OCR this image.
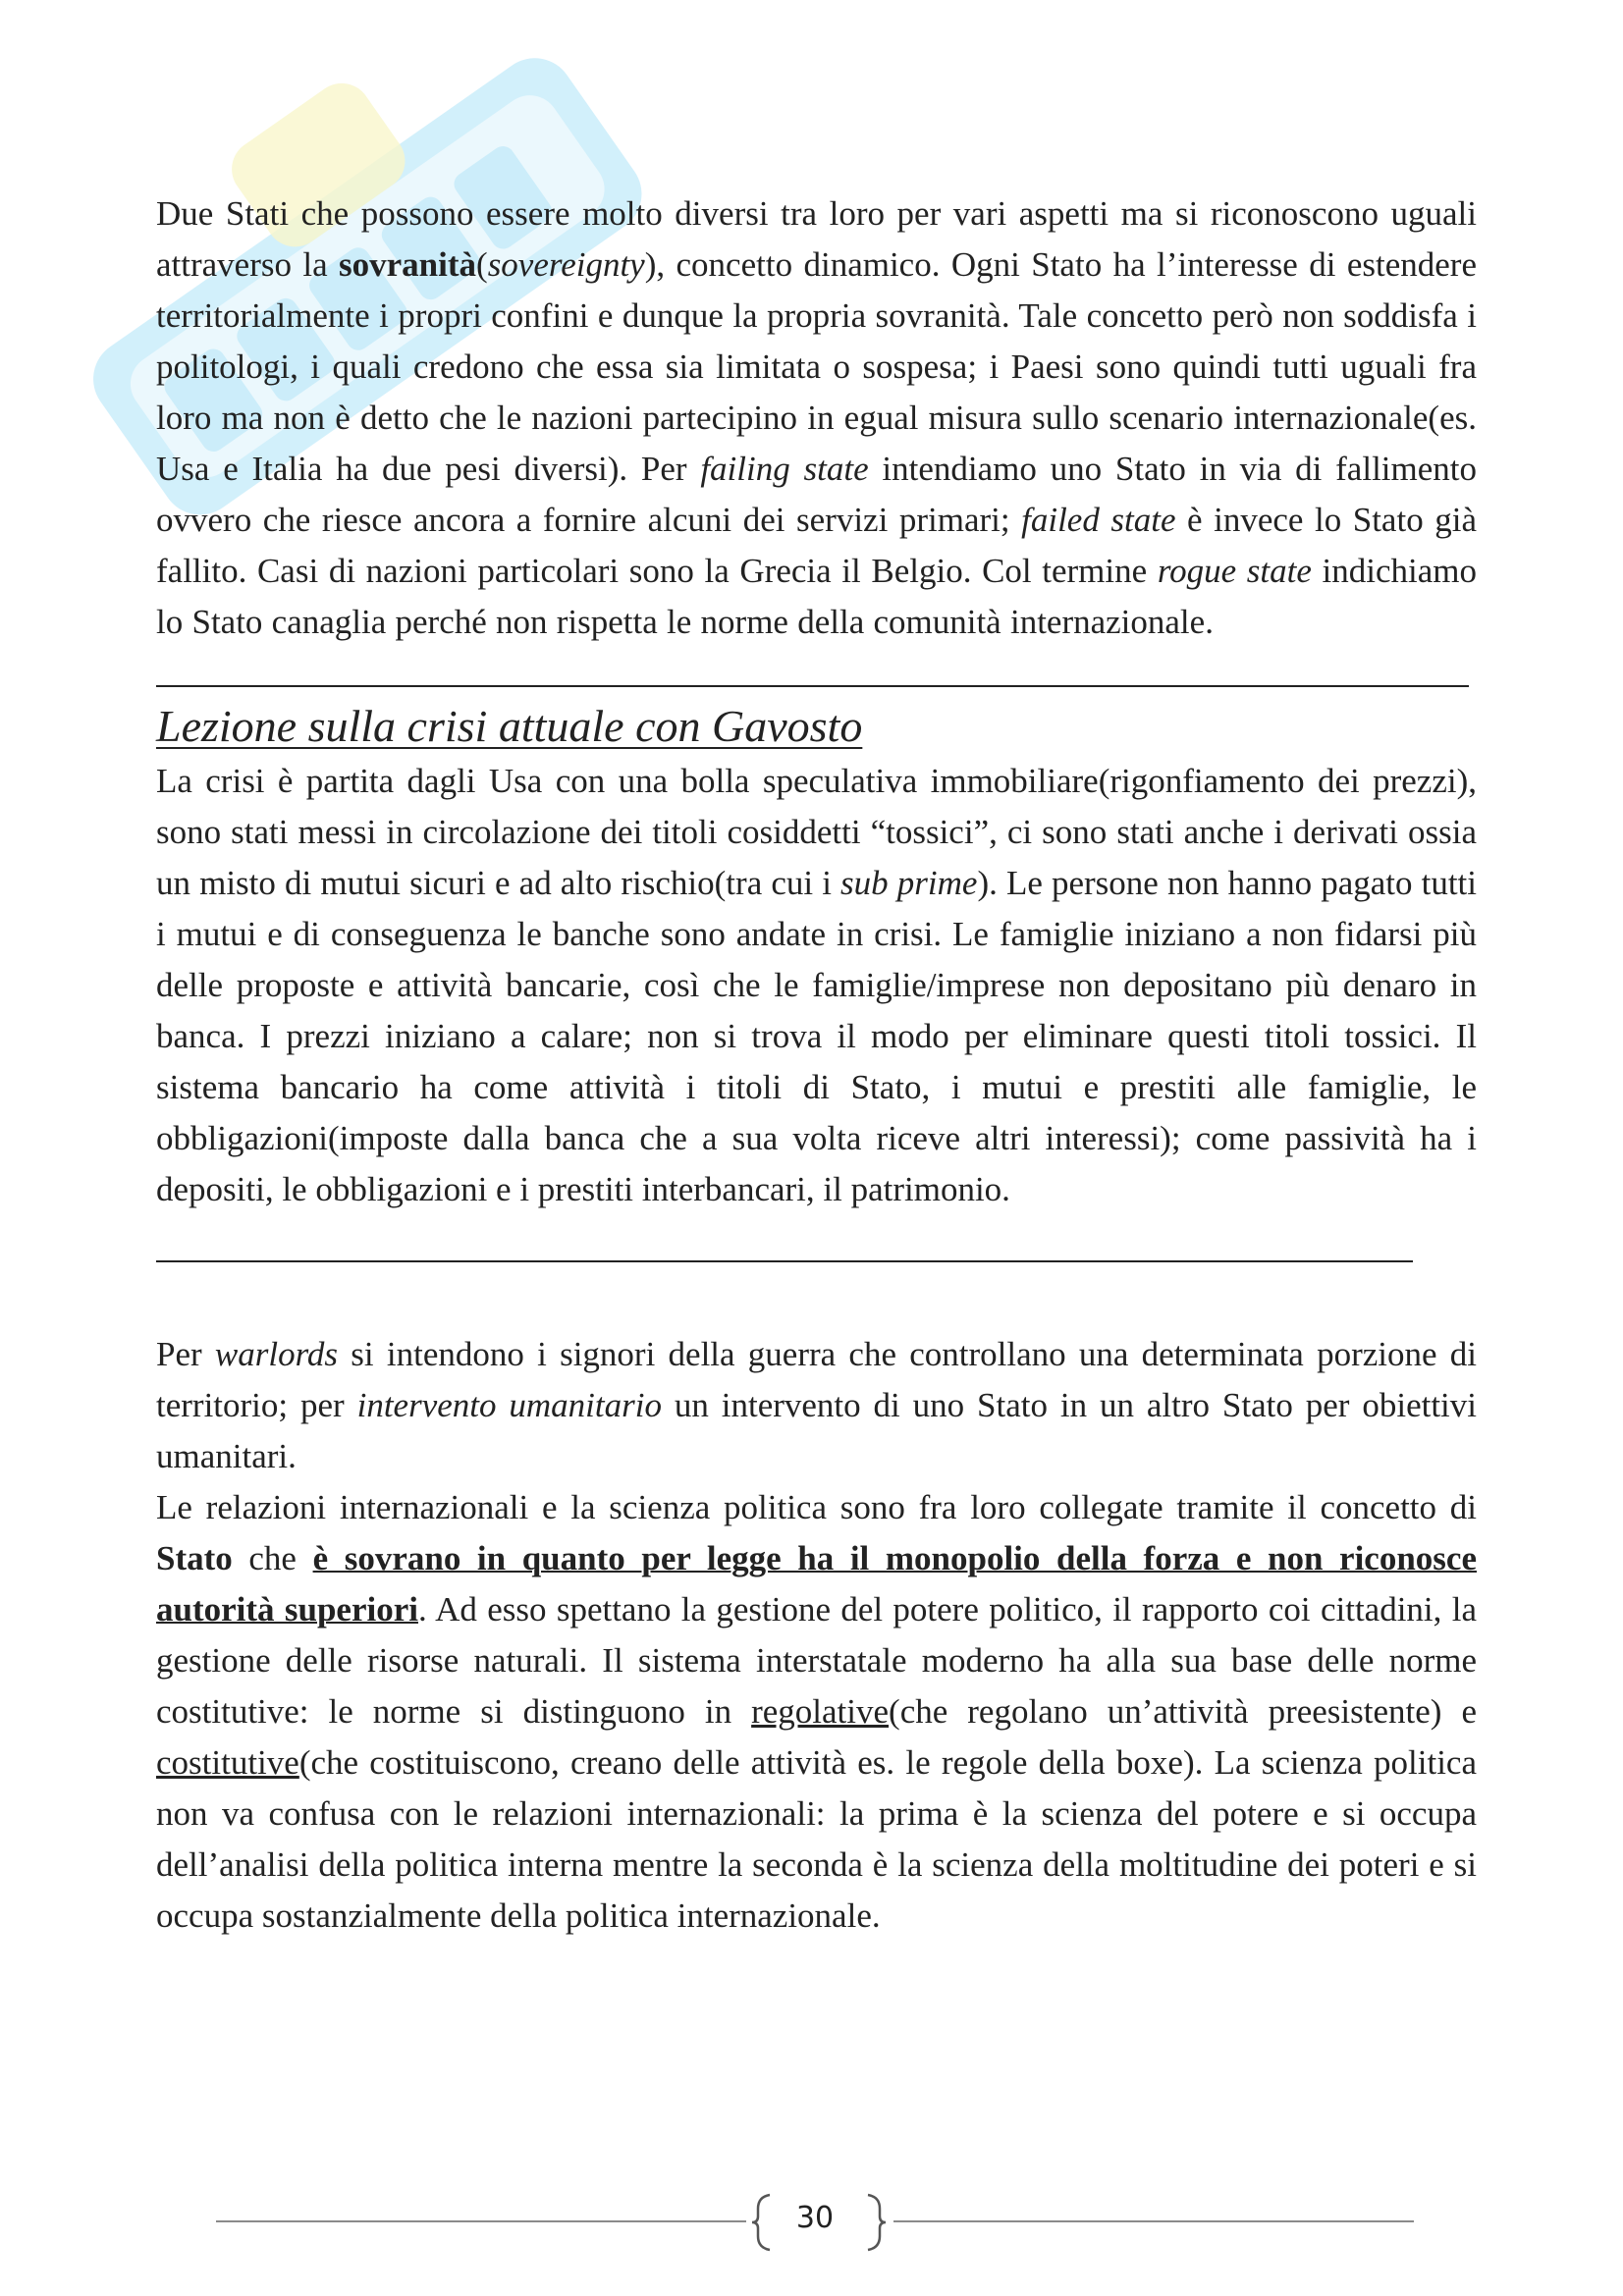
Due Stati che possono essere molto diversi tra loro per vari aspetti ma si riconoscono uguali attraverso la sovranità(sovereignty), concetto dinamico. Ogni Stato ha l’interesse di estendere territorialmente i propri confini e dunque la propria sovranità. Tale concetto però non soddisfa i politologi, i quali credono che essa sia limitata o sospesa; i Paesi sono quindi tutti uguali fra loro ma non è detto che le nazioni partecipino in egual misura sullo scenario internazionale(es. Usa e Italia ha due pesi diversi). Per failing state intendiamo uno Stato in via di fallimento ovvero che riesce ancora a fornire alcuni dei servizi primari; failed state è invece lo Stato già fallito. Casi di nazioni particolari sono la Grecia il Belgio. Col termine rogue state indichiamo lo Stato canaglia perché non rispetta le norme della comunità internazionale.

Lezione sulla crisi attuale con Gavosto

La crisi è partita dagli Usa con una bolla speculativa immobiliare(rigonfiamento dei prezzi), sono stati messi in circolazione dei titoli cosiddetti “tossici”, ci sono stati anche i derivati ossia un misto di mutui sicuri e ad alto rischio(tra cui i sub prime). Le persone non hanno pagato tutti i mutui e di conseguenza le banche sono andate in crisi. Le famiglie iniziano a non fidarsi più delle proposte e attività bancarie, così che le famiglie/imprese non depositano più denaro in banca. I prezzi iniziano a calare; non si trova il modo per eliminare questi titoli tossici. Il sistema bancario ha come attività i titoli di Stato, i mutui e prestiti alle famiglie, le obbligazioni(imposte dalla banca che a sua volta riceve altri interessi); come passività ha i depositi, le obbligazioni e i prestiti interbancari, il patrimonio.

Per warlords si intendono i signori della guerra che controllano una determinata porzione di territorio; per intervento umanitario un intervento di uno Stato in un altro Stato per obiettivi umanitari.

Le relazioni internazionali e la scienza politica sono fra loro collegate tramite il concetto di Stato che è sovrano in quanto per legge ha il monopolio della forza e non riconosce autorità superiori. Ad esso spettano la gestione del potere politico, il rapporto coi cittadini, la gestione delle risorse naturali. Il sistema interstatale moderno ha alla sua base delle norme costitutive: le norme si distinguono in regolative(che regolano un’attività preesistente) e costitutive(che costituiscono, creano delle attività es. le regole della boxe). La scienza politica non va confusa con le relazioni internazionali: la prima è la scienza del potere e si occupa dell’analisi della politica interna mentre la seconda è la scienza della moltitudine dei poteri e si occupa sostanzialmente della politica internazionale.

30
